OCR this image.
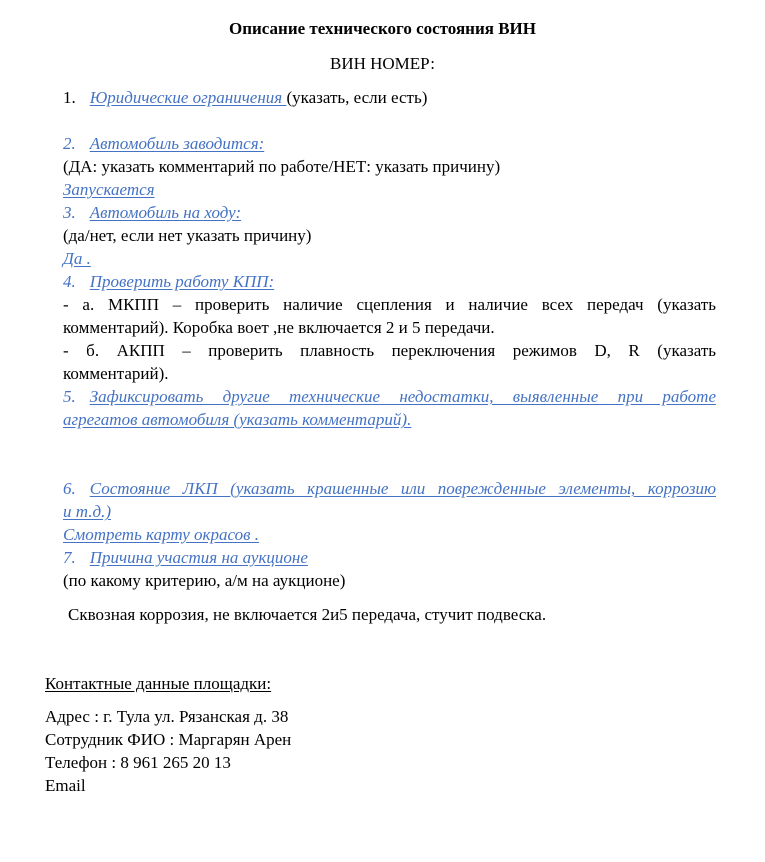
Описание технического состояния ВИН
ВИН НОМЕР:
1. Юридические ограничения (указать, если есть)
2. Автомобиль заводится:
(ДА: указать комментарий по работе/НЕТ: указать причину)
Запускается
3. Автомобиль на ходу:
(да/нет, если нет указать причину)
Да .
4. Проверить работу КПП:
- а. МКПП – проверить наличие сцепления и наличие всех передач (указать
комментарий). Коробка воет ,не включается 2 и 5 передачи.
- б. АКПП – проверить плавность переключения режимов D, R (указать
комментарий).
5. Зафиксировать другие технические недостатки, выявленные при работе
агрегатов автомобиля (указать комментарий).
6. Состояние ЛКП (указать крашенные или поврежденные элементы, коррозию
и т.д.)
Смотреть карту окрасов .
7. Причина участия на аукционе
(по какому критерию, а/м на аукционе)
Сквозная коррозия, не включается 2и5 передача, стучит подвеска.
Контактные данные площадки:
Адрес : г. Тула ул. Рязанская д. 38
Сотрудник ФИО : Маргарян Арен
Телефон : 8 961 265 20 13
Email
